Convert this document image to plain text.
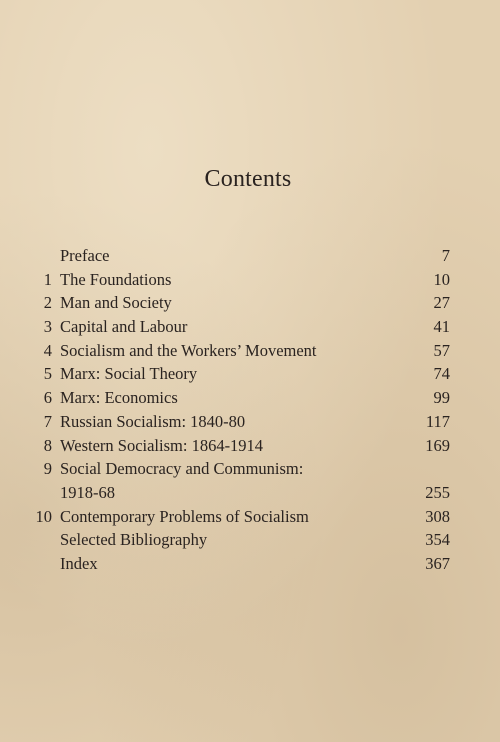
Contents
Preface	7
1 The Foundations	10
2 Man and Society	27
3 Capital and Labour	41
4 Socialism and the Workers’ Movement	57
5 Marx: Social Theory	74
6 Marx: Economics	99
7 Russian Socialism: 1840-80	117
8 Western Socialism: 1864-1914	169
9 Social Democracy and Communism:
1918-68	255
10 Contemporary Problems of Socialism	308
Selected Bibliography	354
Index	367
